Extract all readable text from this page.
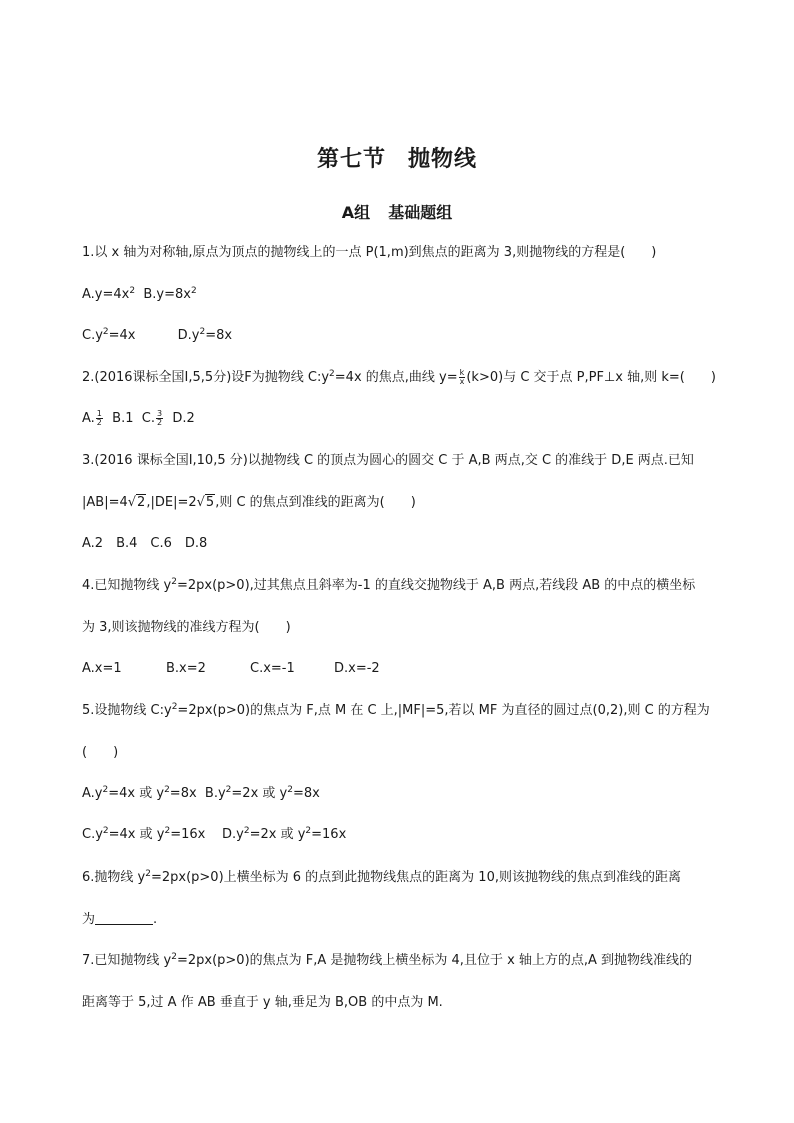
第七节 抛物线
A组 基础题组
1.以 x 轴为对称轴,原点为顶点的抛物线上的一点 P(1,m)到焦点的距离为 3,则抛物线的方程是(　　)
$A.y=4x^2$ $B.y=8x^2$
$C.y^2=4x$	$D.y^2=8x$
2.(2016课标全国Ⅰ,5,5分)设F为抛物线 $C:y^2=4x$ 的焦点,曲线 $y= \frac{k}{x} (k>0)$与 C 交于点 P,PF⊥x 轴,则 k=(　　)
A. $\frac{1}{2} B.1$ C. $\frac{3}{2} D.2$
3.(2016 课标全国Ⅰ,10,5 分)以抛物线 C 的顶点为圆心的圆交 C 于 A,B 两点,交 C 的准线于 D,E 两点.已知
|AB|=4√2,|DE|=2√5,则 C 的焦点到准线的距离为(　　)
A.2　B.4　C.6　D.8
4.已知抛物线 $y^2=2px(p>0)$,过其焦点且斜率为-1 的直线交抛物线于 A,B 两点,若线段 AB 的中点的横坐标
为 3,则该抛物线的准线方程为(　　)
A.x=1	B.x=2	C.x=-1	D.x=-2
5.设抛物线 $C:y^2=2px(p>0)$的焦点为 F,点 M 在 C 上,|MF|=5,若以 MF 为直径的圆过点(0,2),则 C 的方程为
(　　)
$A.y^2=4x$ 或 $y^2=8x$ $B.y^2=2x$ 或 $y^2=8x$
$C.y^2=4x$ 或 $y^2=16x$ $D.y^2=2x$ 或 $y^2=16x$
6.抛物线 $y^2=2px(p>0)$上横坐标为 6 的点到此抛物线焦点的距离为 10,则该抛物线的焦点到准线的距离
为	.
7.已知抛物线 $y^2=2px(p>0)$的焦点为 F,A 是抛物线上横坐标为 4,且位于 x 轴上方的点,A 到抛物线准线的
距离等于 5,过 A 作 AB 垂直于 y 轴,垂足为 B,OB 的中点为 M.
